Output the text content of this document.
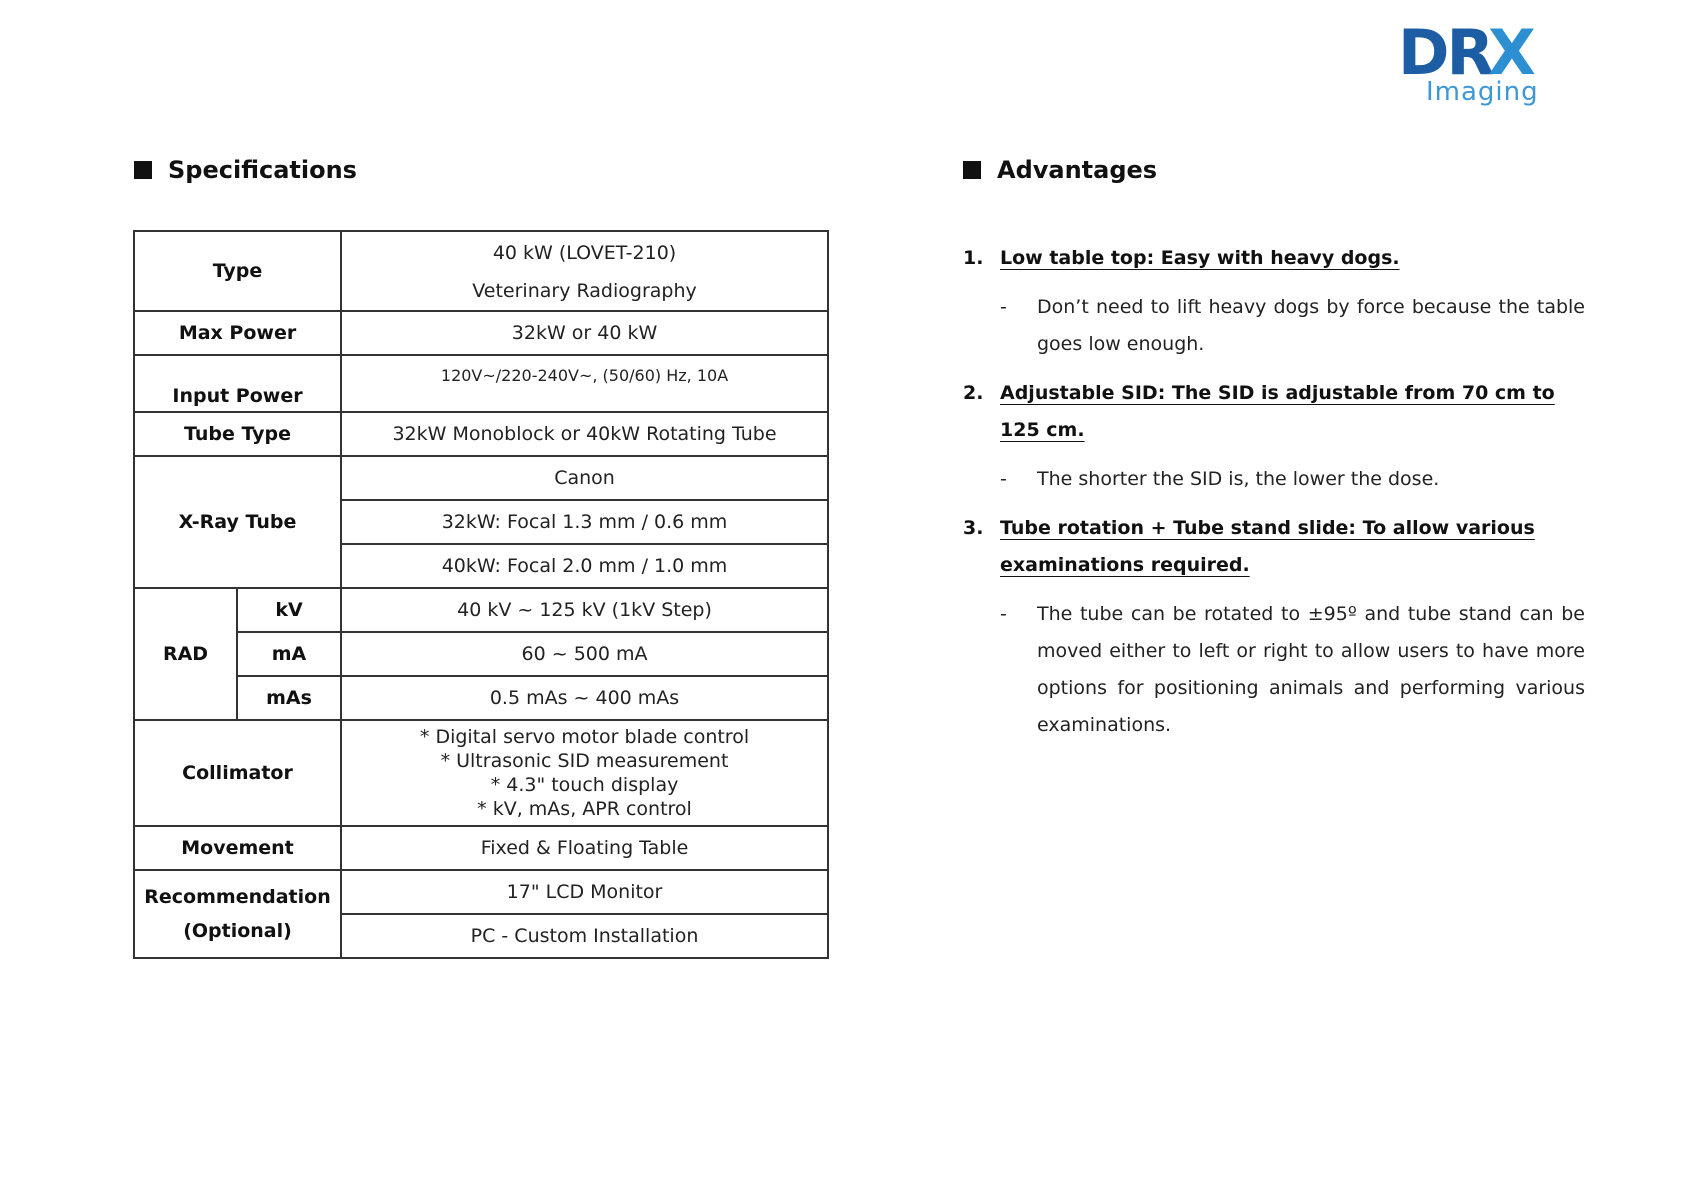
DR
X
Imaging
Specifications
Type		40 kW (LOVET-210)
Veterinary Radiography

Max Power		32kW or 40 kW
Input Power		120V~/220-240V~, (50/60) Hz, 10A
Tube Type		32kW Monoblock or 40kW Rotating Tube
X-Ray Tube		Canon
		32kW: Focal 1.3 mm / 0.6 mm
		40kW: Focal 2.0 mm / 1.0 mm
RAD	kV	40 kV ~ 125 kV (1kV Step)
	mA	60 ~ 500 mA
	mAs	0.5 mAs ~ 400 mAs
Collimator		* Digital servo motor blade control
* Ultrasonic SID measurement
* 4.3" touch display
* kV, mAs, APR control

Movement		Fixed & Floating Table

Recommendation
(Optional)		17" LCD Monitor
		PC - Custom Installation
Advantages
1. Low table top: Easy with heavy dogs.
-	Don’t need to lift heavy dogs by force because the table goes low enough.
2. Adjustable SID: The SID is adjustable from 70 cm to 125 cm.
-	The shorter the SID is, the lower the dose.
3. Tube rotation + Tube stand slide: To allow various examinations required.
-	The tube can be rotated to ±95º and tube stand can be moved either to left or right to allow users to have more options for positioning animals and performing various examinations.
